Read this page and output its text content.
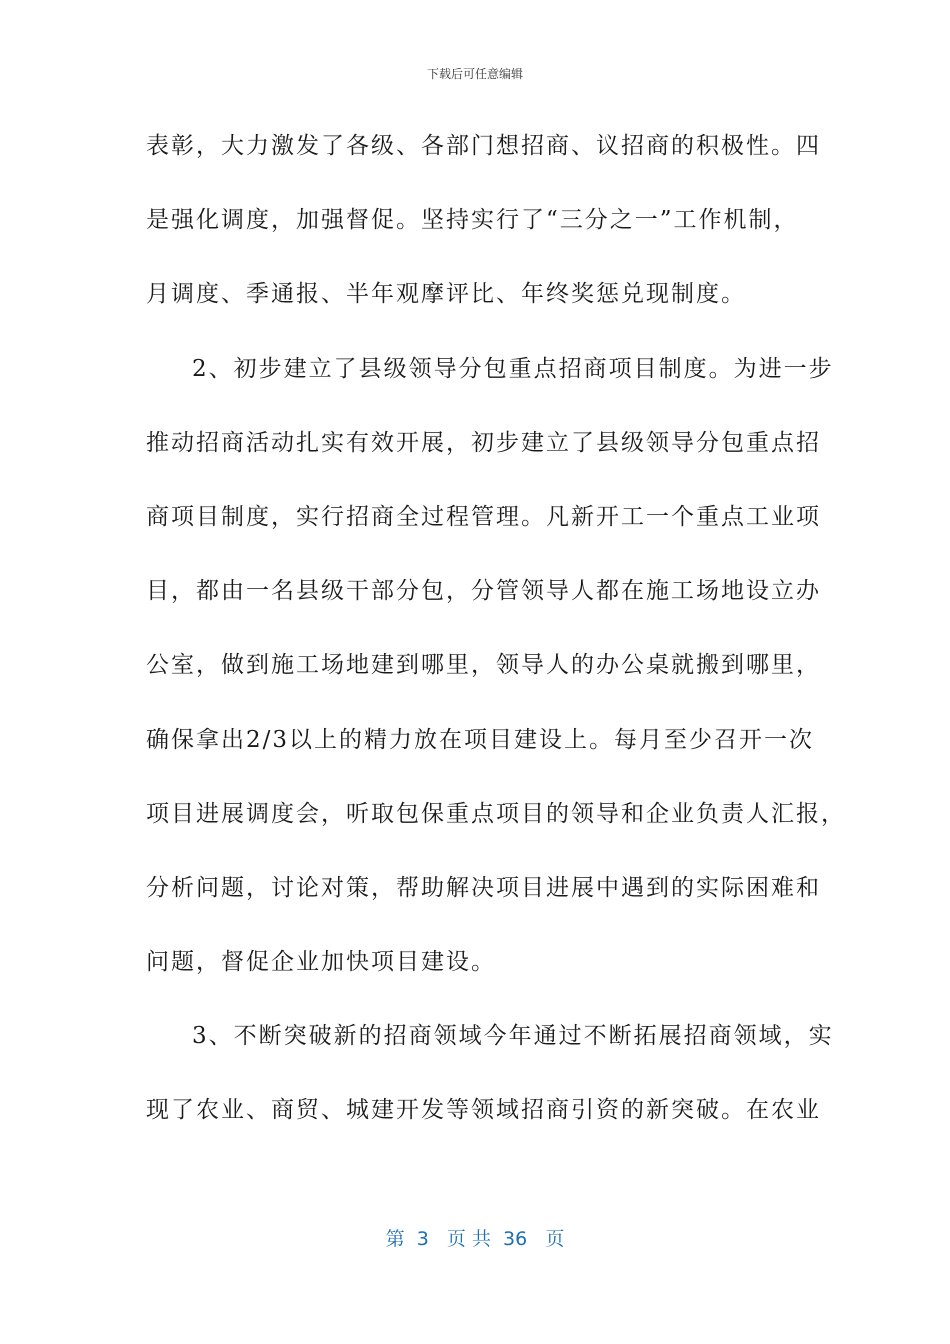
下载后可任意编辑
表彰，大力激发了各级、各部门想招商、议招商的积极性。四
是强化调度，加强督促。坚持实行了“三分之一”工作机制，
月调度、季通报、半年观摩评比、年终奖惩兑现制度。
2、初步建立了县级领导分包重点招商项目制度。为进一步
推动招商活动扎实有效开展，初步建立了县级领导分包重点招
商项目制度，实行招商全过程管理。凡新开工一个重点工业项
目，都由一名县级干部分包，分管领导人都在施工场地设立办
公室，做到施工场地建到哪里，领导人的办公桌就搬到哪里，
确保拿出2/3以上的精力放在项目建设上。每月至少召开一次
项目进展调度会，听取包保重点项目的领导和企业负责人汇报，
分析问题，讨论对策，帮助解决项目进展中遇到的实际困难和
问题，督促企业加快项目建设。
3、不断突破新的招商领域今年通过不断拓展招商领域，实
现了农业、商贸、城建开发等领域招商引资的新突破。在农业
第  3   页 共  36   页
